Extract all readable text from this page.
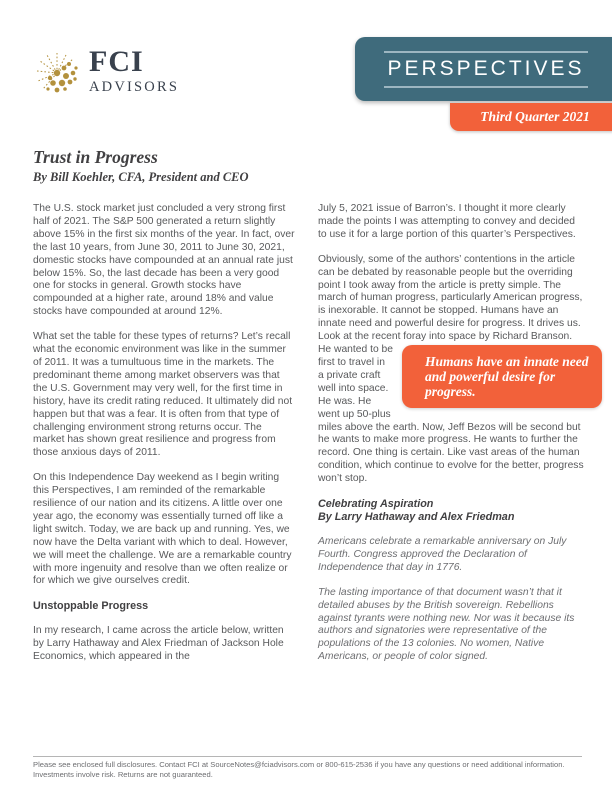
FCI
ADVISORS
PERSPECTIVES
Third Quarter 2021
Trust in Progress
By Bill Koehler, CFA, President and CEO

The U.S. stock market just concluded a very strong first half of 2021. The S&P 500 generated a return slightly above 15% in the first six months of the year. In fact, over the last 10 years, from June 30, 2011 to June 30, 2021, domestic stocks have compounded at an annual rate just below 15%. So, the last decade has been a very good one for stocks in general. Growth stocks have compounded at a higher rate, around 18% and value stocks have compounded at around 12%.

What set the table for these types of returns? Let’s recall what the economic environment was like in the summer of 2011. It was a tumultuous time in the markets. The predominant theme among market observers was that the U.S. Government may very well, for the first time in history, have its credit rating reduced. It ultimately did not happen but that was a fear. It is often from that type of challenging environment strong returns occur. The market has shown great resilience and progress from those anxious days of 2011.

On this Independence Day weekend as I begin writing this Perspectives, I am reminded of the remarkable resilience of our nation and its citizens. A little over one year ago, the economy was essentially turned off like a light switch. Today, we are back up and running. Yes, we now have the Delta variant with which to deal. However, we will meet the challenge. We are a remarkable country with more ingenuity and resolve than we often realize or for which we give ourselves credit.

Unstoppable Progress

In my research, I came across the article below, written by Larry Hathaway and Alex Friedman of Jackson Hole Economics, which appeared in the

July 5, 2021 issue of Barron’s. I thought it more clearly made the points I was attempting to convey and decided to use it for a large portion of this quarter’s Perspectives.

Obviously, some of the authors’ contentions in the article can be debated by reasonable people but the overriding point I took away from the article is pretty simple. The march of human progress, particularly American progress, is inexorable. It cannot be stopped. Humans have an innate need and powerful desire for progress. It drives us. Look at the recent foray into space by Richard Branson.

Humans have an innate need and powerful desire for progress.
He wanted to be first to travel in a private craft well into space. He was. He went up 50-plus miles above the earth. Now, Jeff Bezos will be second but he wants to make more progress. He wants to further the record. One thing is certain. Like vast areas of the human condition, which continue to evolve for the better, progress won’t stop.

Celebrating Aspiration

By Larry Hathaway and Alex Friedman

Americans celebrate a remarkable anniversary on July Fourth. Congress approved the Declaration of Independence that day in 1776.

The lasting importance of that document wasn’t that it detailed abuses by the British sovereign. Rebellions against tyrants were nothing new. Nor was it because its authors and signatories were representative of the populations of the 13 colonies. No women, Native Americans, or people of color signed.

Please see enclosed full disclosures. Contact FCI at SourceNotes@fciadvisors.com or 800-615-2536 if you have any questions or need additional information.
Investments involve risk. Returns are not guaranteed.
